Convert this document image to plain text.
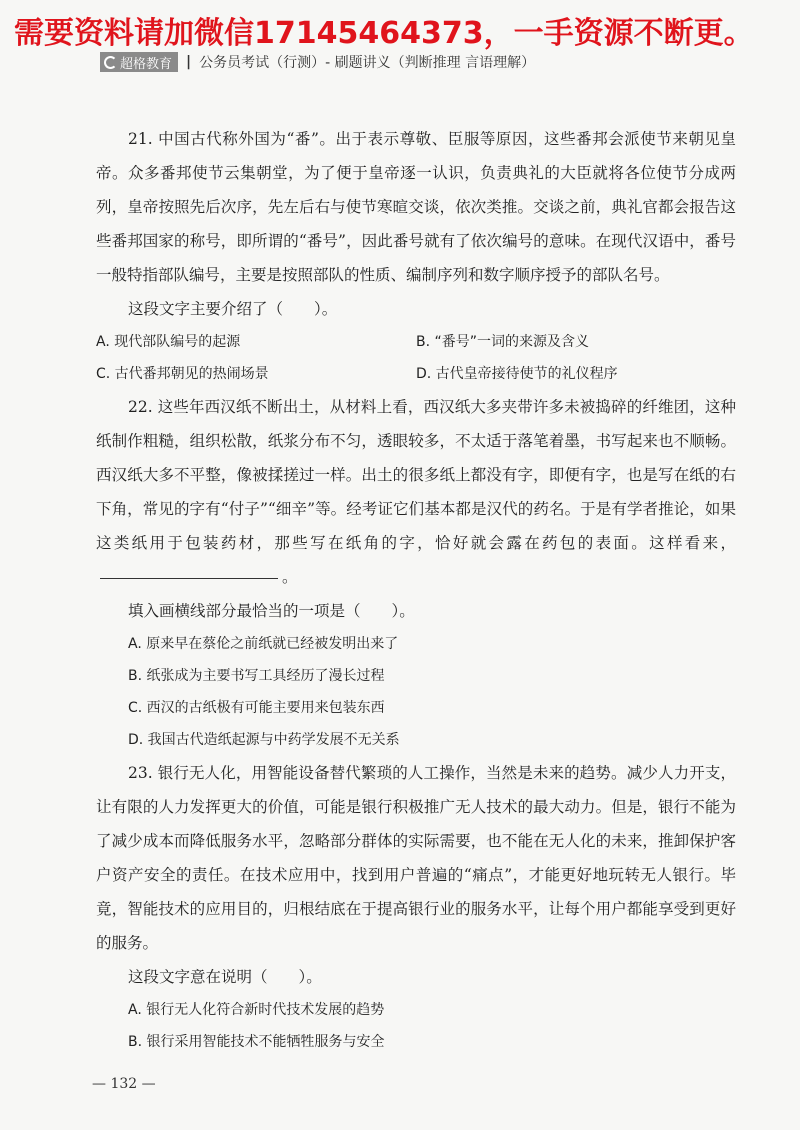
需要资料请加微信17145464373，一手资源不断更。
超格教育 | 公务员考试（行测）- 刷题讲义（判断推理 言语理解）

21. 中国古代称外国为“番”。出于表示尊敬、臣服等原因，这些番邦会派使节来朝见皇帝。众多番邦使节云集朝堂，为了便于皇帝逐一认识，负责典礼的大臣就将各位使节分成两列，皇帝按照先后次序，先左后右与使节寒暄交谈，依次类推。交谈之前，典礼官都会报告这些番邦国家的称号，即所谓的“番号”，因此番号就有了依次编号的意味。在现代汉语中，番号一般特指部队编号，主要是按照部队的性质、编制序列和数字顺序授予的部队名号。

这段文字主要介绍了（　　）。

A. 现代部队编号的起源	B. “番号”一词的来源及含义
C. 古代番邦朝见的热闹场景	D. 古代皇帝接待使节的礼仪程序

22. 这些年西汉纸不断出土，从材料上看，西汉纸大多夹带许多未被捣碎的纤维团，这种纸制作粗糙，组织松散，纸浆分布不匀，透眼较多，不太适于落笔着墨，书写起来也不顺畅。西汉纸大多不平整，像被揉搓过一样。出土的很多纸上都没有字，即便有字，也是写在纸的右下角，常见的字有“付子”“细辛”等。经考证它们基本都是汉代的药名。于是有学者推论，如果这类纸用于包装药材，那些写在纸角的字，恰好就会露在药包的表面。这样看来，。

填入画横线部分最恰当的一项是（　　）。

A. 原来早在蔡伦之前纸就已经被发明出来了
B. 纸张成为主要书写工具经历了漫长过程
C. 西汉的古纸极有可能主要用来包装东西
D. 我国古代造纸起源与中药学发展不无关系

23. 银行无人化，用智能设备替代繁琐的人工操作，当然是未来的趋势。减少人力开支，让有限的人力发挥更大的价值，可能是银行积极推广无人技术的最大动力。但是，银行不能为了减少成本而降低服务水平，忽略部分群体的实际需要，也不能在无人化的未来，推卸保护客户资产安全的责任。在技术应用中，找到用户普遍的“痛点”，才能更好地玩转无人银行。毕竟，智能技术的应用目的，归根结底在于提高银行业的服务水平，让每个用户都能享受到更好的服务。

这段文字意在说明（　　）。

A. 银行无人化符合新时代技术发展的趋势
B. 银行采用智能技术不能牺牲服务与安全
— 132 —
